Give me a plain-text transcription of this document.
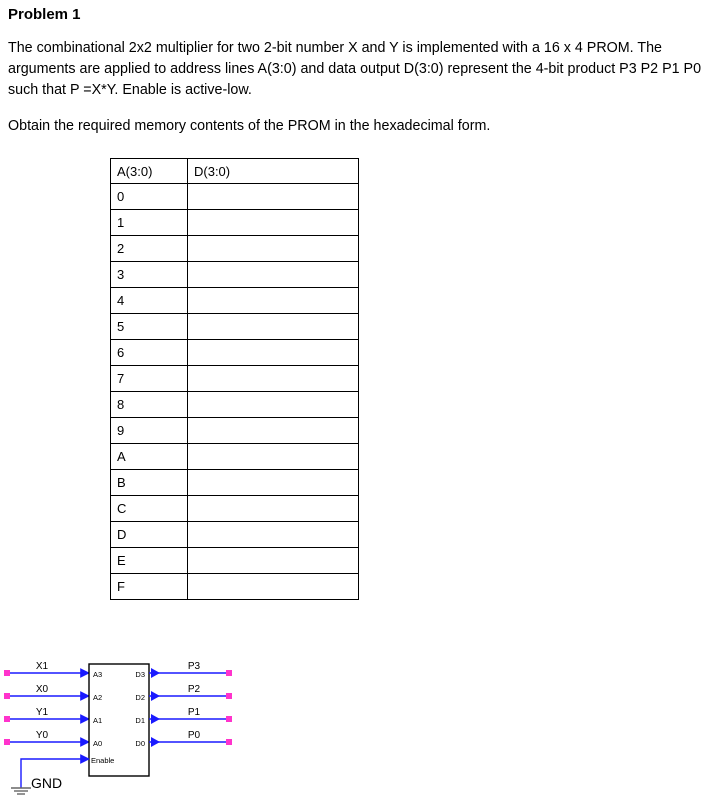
Problem 1
The combinational 2x2 multiplier for two 2-bit number X and Y is implemented with a 16 x 4 PROM. The arguments are applied to address lines A(3:0) and data output D(3:0) represent the 4-bit product P3 P2 P1 P0 such that P =X*Y. Enable is active-low.
Obtain the required memory contents of the PROM in the hexadecimal form.
A(3:0)	D(3:0)
0	
1	
2	
3	
4	
5	
6	
7	
8	
9	
A	
B	
C	
D	
E	
F	
X1
X0
Y1
Y0
A3
A2
A1
A0
D3
D2
D1
D0
Enable
P3
P2
P1
P0
GND
